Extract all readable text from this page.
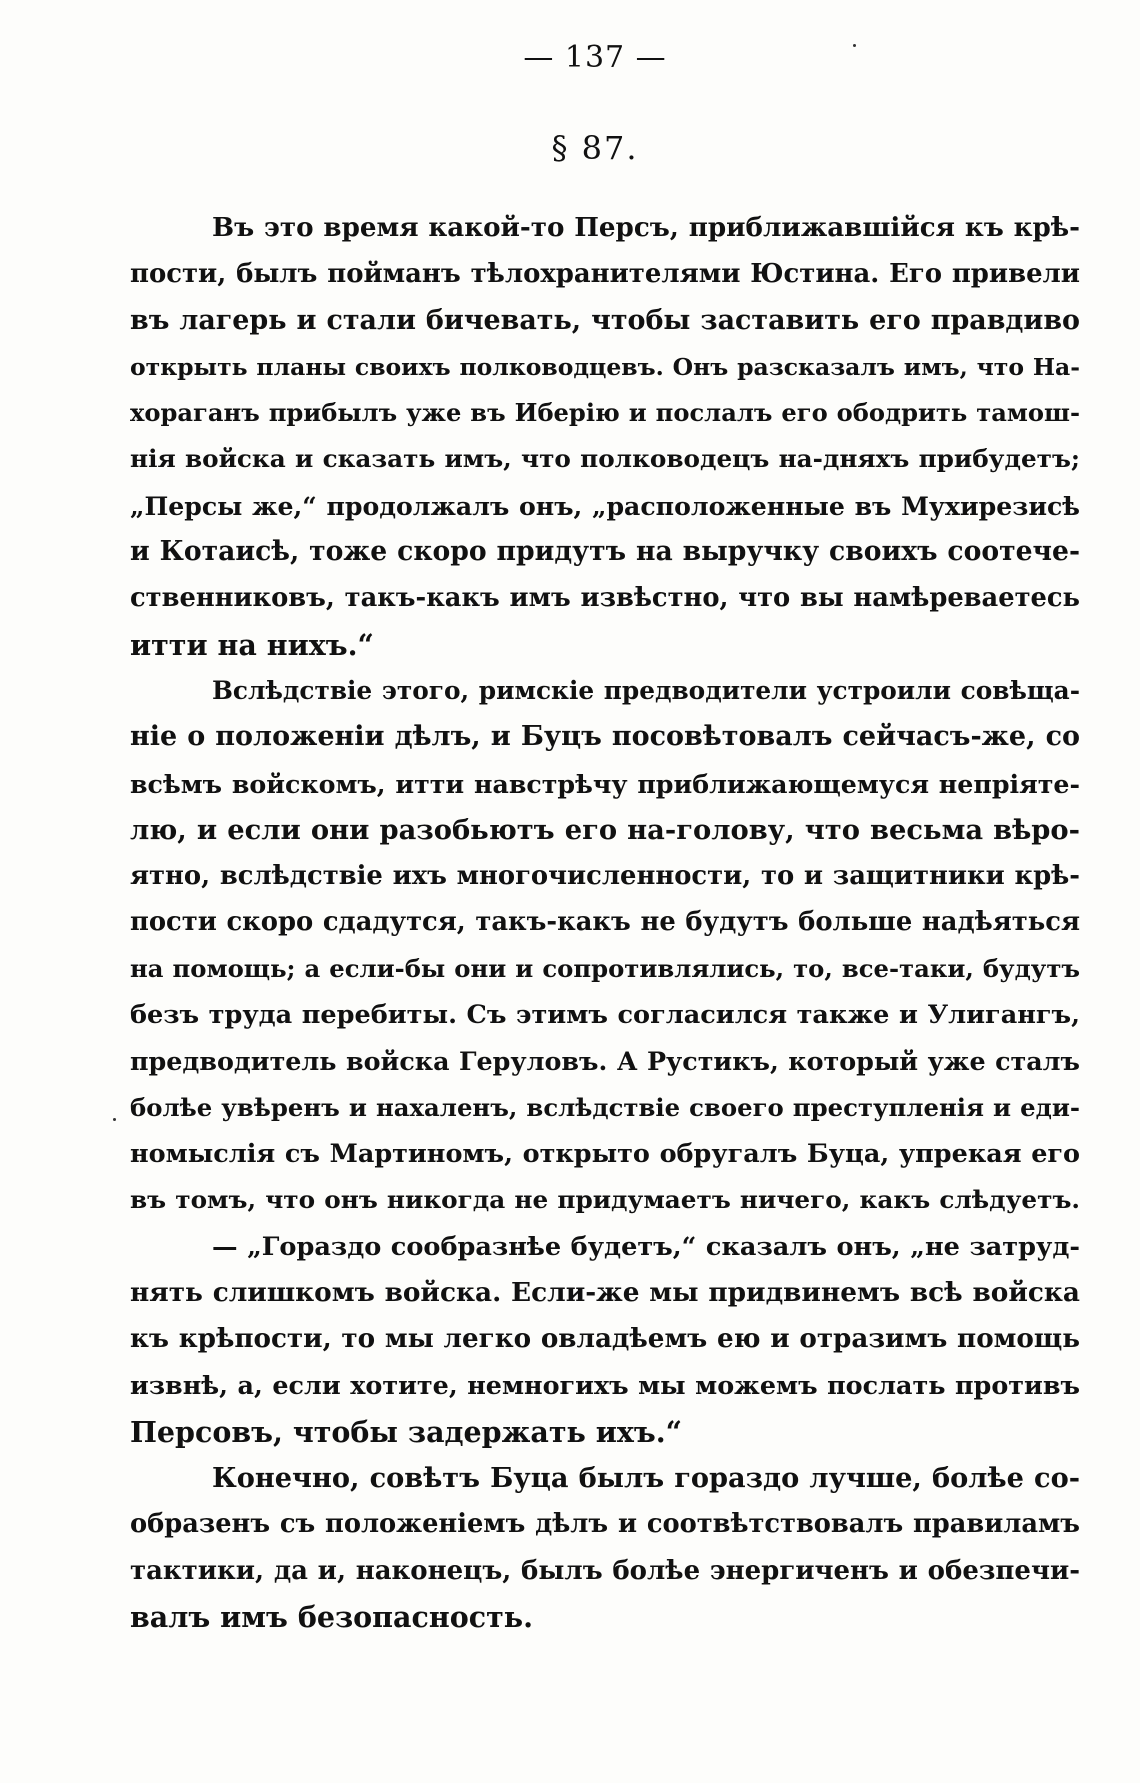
— 137 —
§ 87.
Въ это время какой-то Персъ, приближавшійся къ крѣ-
пости, былъ пойманъ тѣлохранителями Юстина. Его привели
въ лагерь и стали бичевать, чтобы заставить его правдиво
открыть планы своихъ полководцевъ. Онъ разсказалъ имъ, что На-
хораганъ прибылъ уже въ Иберію и послалъ его ободрить тамош-
нія войска и сказать имъ, что полководецъ на-дняхъ прибудетъ;
„Персы же,“ продолжалъ онъ, „расположенные въ Мухирезисѣ
и Котаисѣ, тоже скоро придутъ на выручку своихъ соотече-
ственниковъ, такъ-какъ имъ извѣстно, что вы намѣреваетесь
итти на нихъ.“
Вслѣдствіе этого, римскіе предводители устроили совѣща-
ніе о положеніи дѣлъ, и Буцъ посовѣтовалъ сейчасъ-же, со
всѣмъ войскомъ, итти навстрѣчу приближающемуся непріяте-
лю, и если они разобьютъ его на-голову, что весьма вѣро-
ятно, вслѣдствіе ихъ многочисленности, то и защитники крѣ-
пости скоро сдадутся, такъ-какъ не будутъ больше надѣяться
на помощь; а если-бы они и сопротивлялись, то, все-таки, будутъ
безъ труда перебиты. Съ этимъ согласился также и Улигангъ,
предводитель войска Геруловъ. А Рустикъ, который уже сталъ
болѣе увѣренъ и нахаленъ, вслѣдствіе своего преступленія и еди-
номыслія съ Мартиномъ, открыто обругалъ Буца, упрекая его
въ томъ, что онъ никогда не придумаетъ ничего, какъ слѣдуетъ.
— „Гораздо сообразнѣе будетъ,“ сказалъ онъ, „не затруд-
нять слишкомъ войска. Если-же мы придвинемъ всѣ войска
къ крѣпости, то мы легко овладѣемъ ею и отразимъ помощь
извнѣ, а, если хотите, немногихъ мы можемъ послать противъ
Персовъ, чтобы задержать ихъ.“
Конечно, совѣтъ Буца былъ гораздо лучше, болѣе со-
образенъ съ положеніемъ дѣлъ и соотвѣтствовалъ правиламъ
тактики, да и, наконецъ, былъ болѣе энергиченъ и обезпечи-
валъ имъ безопасность.
